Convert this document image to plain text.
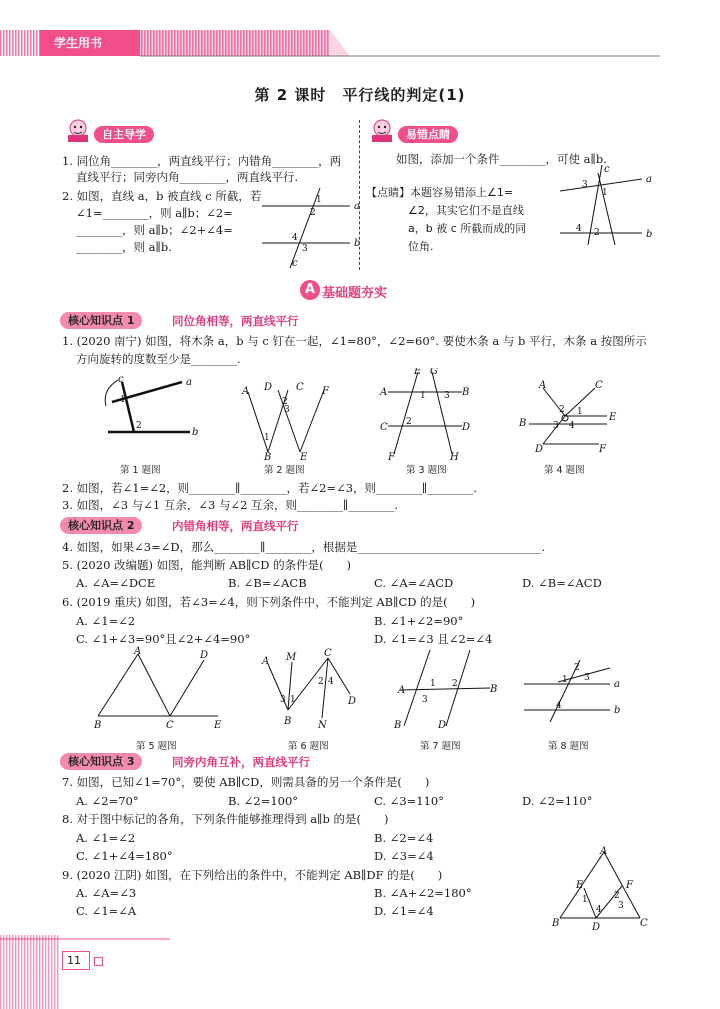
学生用书
第 2 课时　平行线的判定(1)
自主导学
1. 同位角________，两直线平行；内错角________，两
直线平行；同旁内角________，两直线平行.
2. 如图，直线 a，b 被直线 c 所截，若
∠1=________，则 a∥b；∠2=
________，则 a∥b；∠2+∠4=
________，则 a∥b.
a
b
c
1
2
4
3
易错点睛
如图，添加一个条件________，可使 a∥b.
【点睛】本题容易错添上∠1=
∠2，其实它们不是直线
a，b 被 c 所截而成的同
位角.
a
b
c
3
1
4 2
A 基础题夯实
核心知识点 1	同位角相等，两直线平行
1. (2020 南宁) 如图，将木条 a，b 与 c 钉在一起，∠1=80°，∠2=60°. 要使木条 a 与 b 平行，木条 a 按图所示
方向旋转的度数至少是________.
c	a
b
1
2
第 1 题图
A D C F
B	E
2
3
1
第 2 题图
E G
A	B
C	D
F	H
1
2
3
第 3 题图
A	C
E
B
D	F
2 1
3 4
第 4 题图
2. 如图，若∠1=∠2，则________∥________，若∠2=∠3，则________∥________.
3. 如图，∠3 与∠1 互余，∠3 与∠2 互余，则________∥________.
核心知识点 2	内错角相等，两直线平行
4. 如图，如果∠3=∠D，那么________∥________，根据是________________________________.
5. (2020 改编题) 如图，能判断 AB∥CD 的条件是(　　)
A. ∠A=∠DCE	B. ∠B=∠ACB	C. ∠A=∠ACD	D. ∠B=∠ACD
6. (2019 重庆) 如图，若∠3=∠4，则下列条件中，不能判定 AB∥CD 的是(　　)
A. ∠1=∠2	B. ∠1+∠2=90°
C. ∠1+∠3=90°且∠2+∠4=90°	D. ∠1=∠3 且∠2=∠4
A	D
B	C	E
第 5 题图
A M	C
B	N
D
3 1
2 4
第 6 题图
A	B
B	D
1 2
3
第 7 题图
a
b
2
1 3
4
第 8 题图
核心知识点 3	同旁内角互补，两直线平行
7. 如图，已知∠1=70°，要使 AB∥CD，则需具备的另一个条件是(　　)
A. ∠2=70°	B. ∠2=100°	C. ∠3=110°	D. ∠2=110°
8. 对于图中标记的各角，下列条件能够推理得到 a∥b 的是(　　)
A. ∠1=∠2	B. ∠2=∠4
C. ∠1+∠4=180°	D. ∠3=∠4
9. (2020 江阴) 如图，在下列给出的条件中，不能判定 AB∥DF 的是(　　)
A. ∠A=∠3	B. ∠A+∠2=180°
C. ∠1=∠A	D. ∠1=∠4
A
E	F
B	D	C
1	2
3
4
11
